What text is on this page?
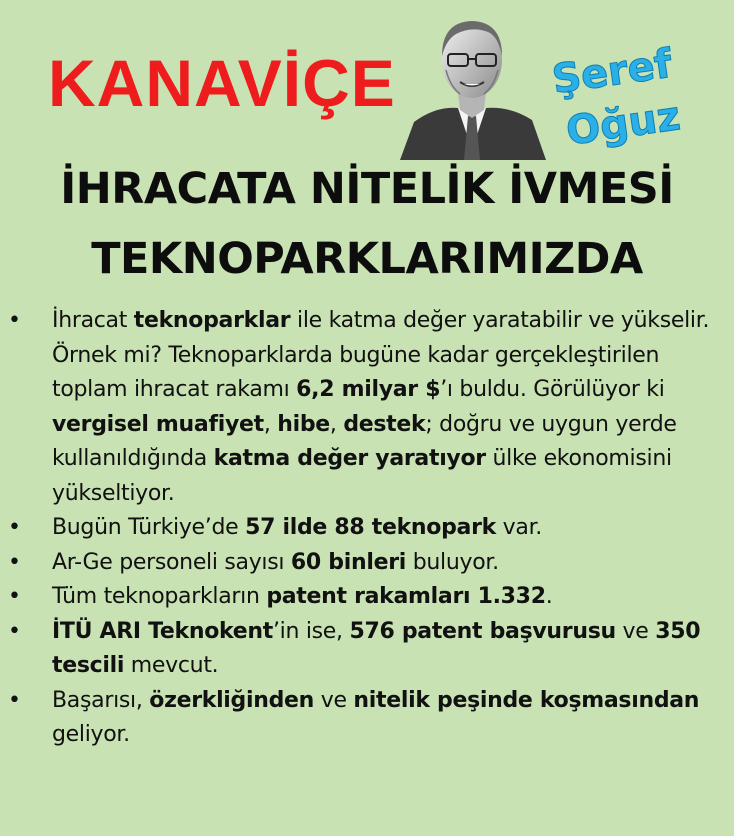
KANAVİÇE	Şeref
Oğuz
İHRACATA NİTELİK İVMESİ
TEKNOPARKLARIMIZDA
• İhracat teknoparklar ile katma değer yaratabilir ve yükselir. Örnek mi? Teknoparklarda bugüne kadar gerçekleştirilen toplam ihracat rakamı 6,2 milyar $’ı buldu. Görülüyor ki vergisel muafiyet, hibe, destek; doğru ve uygun yerde kullanıldığında katma değer yaratıyor ülke ekonomisini yükseltiyor.
• Bugün Türkiye’de 57 ilde 88 teknopark var.
• Ar-Ge personeli sayısı 60 binleri buluyor.
• Tüm teknoparkların patent rakamları 1.332.
• İTÜ ARI Teknokent’in ise, 576 patent başvurusu ve 350 tescili mevcut.
• Başarısı, özerkliğinden ve nitelik peşinde koşmasından geliyor.
